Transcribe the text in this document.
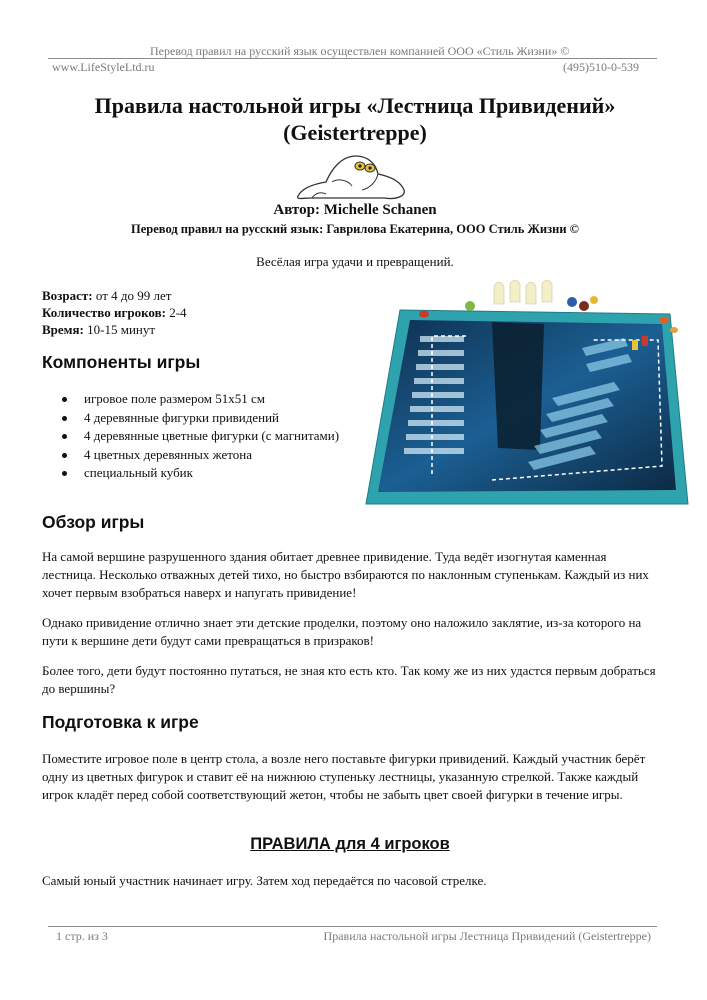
Перевод правил на русский язык осуществлен компанией ООО «Стиль Жизни» ©
www.LifeStyleLtd.ru	(495)510-0-539
Правила настольной игры «Лестница Привидений»
(Geistertreppe)
Автор: Michelle Schanen
Перевод правил на русский язык: Гаврилова Екатерина, ООО Стиль Жизни ©
Весёлая игра удачи и превращений.
Возраст: от 4 до 99 лет
Количество игроков: 2-4
Время: 10-15 минут
Компоненты игры
игровое поле размером 51x51 см
4 деревянные фигурки привидений
4 деревянные цветные фигурки (с магнитами)
4 цветных деревянных жетона
специальный кубик
Обзор игры
На самой вершине разрушенного здания обитает древнее привидение. Туда ведёт изогнутая каменная лестница. Несколько отважных детей тихо, но быстро взбираются по наклонным ступенькам. Каждый из них хочет первым взобраться наверх и напугать привидение!
Однако привидение отлично знает эти детские проделки, поэтому оно наложило заклятие, из-за которого на пути к вершине дети будут сами превращаться в призраков!
Более того, дети будут постоянно путаться, не зная кто есть кто. Так кому же из них удастся первым добраться до вершины?
Подготовка к игре
Поместите игровое поле в центр стола, а возле него поставьте фигурки привидений. Каждый участник берёт одну из цветных фигурок и ставит её на нижнюю ступеньку лестницы, указанную стрелкой. Также каждый игрок кладёт перед собой соответствующий жетон, чтобы не забыть цвет своей фигурки в течение игры.
ПРАВИЛА для 4 игроков
Самый юный участник начинает игру. Затем ход передаётся по часовой стрелке.
1 стр. из 3	Правила настольной игры Лестница Привидений (Geistertreppe)
